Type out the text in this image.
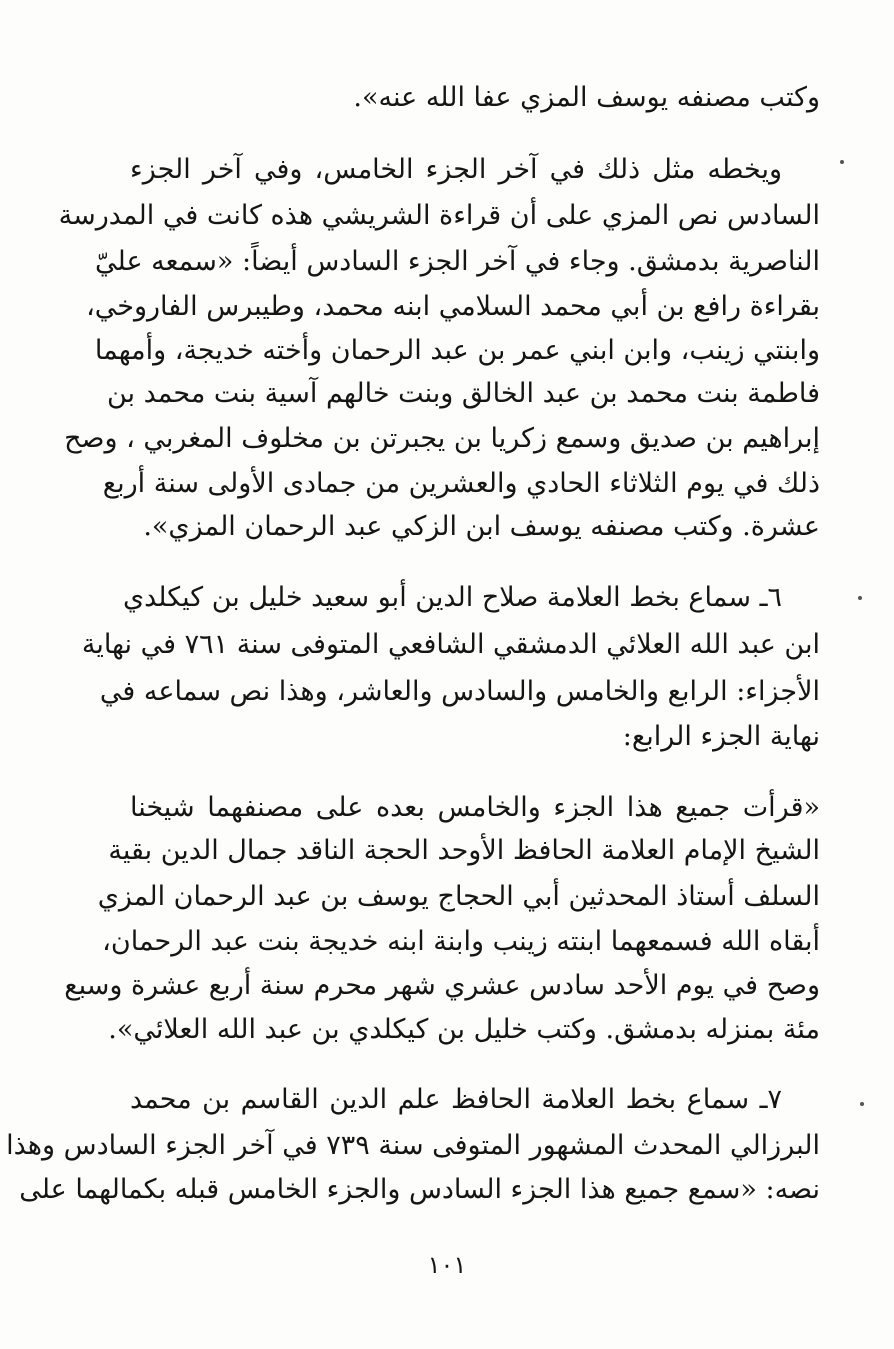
وكتب مصنفه يوسف المزي عفا الله عنه».

ويخطه مثل ذلك في آخر الجزء الخامس، وفي آخر الجزء

السادس نص المزي على أن قراءة الشريشي هذه كانت في المدرسة

الناصرية بدمشق. وجاء في آخر الجزء السادس أيضاً: «سمعه عليّ

بقراءة رافع بن أبي محمد السلامي ابنه محمد، وطيبرس الفاروخي،

وابنتي زينب، وابن ابني عمر بن عبد الرحمان وأخته خديجة، وأمهما

فاطمة بنت محمد بن عبد الخالق وبنت خالهم آسية بنت محمد بن

إبراهيم بن صديق وسمع زكريا بن يجبرتن بن مخلوف المغربي ، وصح

ذلك في يوم الثلاثاء الحادي والعشرين من جمادى الأولى سنة أربع

عشرة. وكتب مصنفه يوسف ابن الزكي عبد الرحمان المزي».

٦ـ سماع بخط العلامة صلاح الدين أبو سعيد خليل بن كيكلدي

ابن عبد الله العلائي الدمشقي الشافعي المتوفى سنة ٧٦١ في نهاية

الأجزاء: الرابع والخامس والسادس والعاشر، وهذا نص سماعه في

نهاية الجزء الرابع:

«قرأت جميع هذا الجزء والخامس بعده على مصنفهما شيخنا

الشيخ الإمام العلامة الحافظ الأوحد الحجة الناقد جمال الدين بقية

السلف أستاذ المحدثين أبي الحجاج يوسف بن عبد الرحمان المزي

أبقاه الله فسمعهما ابنته زينب وابنة ابنه خديجة بنت عبد الرحمان،

وصح في يوم الأحد سادس عشري شهر محرم سنة أربع عشرة وسبع

مئة بمنزله بدمشق. وكتب خليل بن كيكلدي بن عبد الله العلائي».

٧ـ سماع بخط العلامة الحافظ علم الدين القاسم بن محمد

البرزالي المحدث المشهور المتوفى سنة ٧٣٩ في آخر الجزء السادس وهذا

نصه: «سمع جميع هذا الجزء السادس والجزء الخامس قبله بكمالهما على

١٠١
